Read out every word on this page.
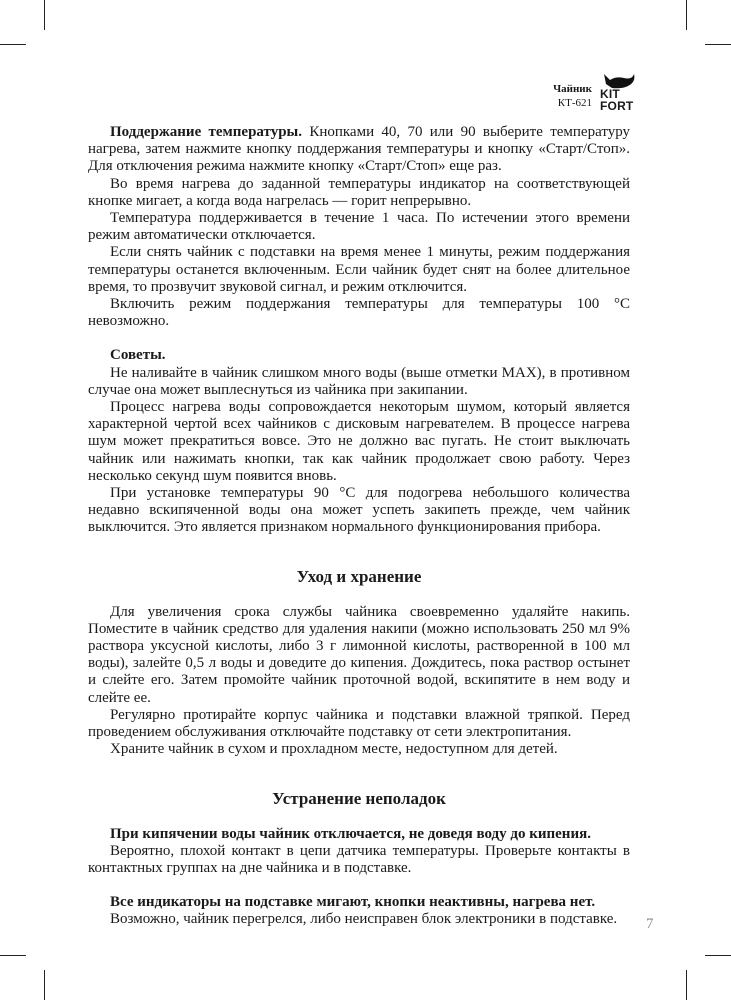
Чайник
КТ-621
KIT
FORT

Поддержание температуры. Кнопками 40, 70 или 90 выберите температуру нагрева, затем нажмите кнопку поддержания температуры и кнопку «Старт/Стоп». Для отключения режима нажмите кнопку «Старт/Стоп» еще раз.

Во время нагрева до заданной температуры индикатор на соответствующей кнопке мигает, а когда вода нагрелась — горит непрерывно.

Температура поддерживается в течение 1 часа. По истечении этого времени режим автоматически отключается.

Если снять чайник с подставки на время менее 1 минуты, режим поддержания температуры останется включенным. Если чайник будет снят на более длительное время, то прозвучит звуковой сигнал, и режим отключится.

Включить режим поддержания температуры для температуры 100 °C невозможно.

Советы.

Не наливайте в чайник слишком много воды (выше отметки MAX), в противном случае она может выплеснуться из чайника при закипании.

Процесс нагрева воды сопровождается некоторым шумом, который является характерной чертой всех чайников с дисковым нагревателем. В процессе нагрева шум может прекратиться вовсе. Это не должно вас пугать. Не стоит выключать чайник или нажимать кнопки, так как чайник продолжает свою работу. Через несколько секунд шум появится вновь.

При установке температуры 90 °C для подогрева небольшого количества недавно вскипяченной воды она может успеть закипеть прежде, чем чайник выключится. Это является признаком нормального функционирования прибора.

Уход и хранение

Для увеличения срока службы чайника своевременно удаляйте накипь. Поместите в чайник средство для удаления накипи (можно использовать 250 мл 9% раствора уксусной кислоты, либо 3 г лимонной кислоты, растворенной в 100 мл воды), залейте 0,5 л воды и доведите до кипения. Дождитесь, пока раствор остынет и слейте его. Затем промойте чайник проточной водой, вскипятите в нем воду и слейте ее.

Регулярно протирайте корпус чайника и подставки влажной тряпкой. Перед проведением обслуживания отключайте подставку от сети электропитания.

Храните чайник в сухом и прохладном месте, недоступном для детей.

Устранение неполадок

При кипячении воды чайник отключается, не доведя воду до кипения.

Вероятно, плохой контакт в цепи датчика температуры. Проверьте контакты в контактных группах на дне чайника и в подставке.

Все индикаторы на подставке мигают, кнопки неактивны, нагрева нет.

Возможно, чайник перегрелся, либо неисправен блок электроники в подставке.	7
